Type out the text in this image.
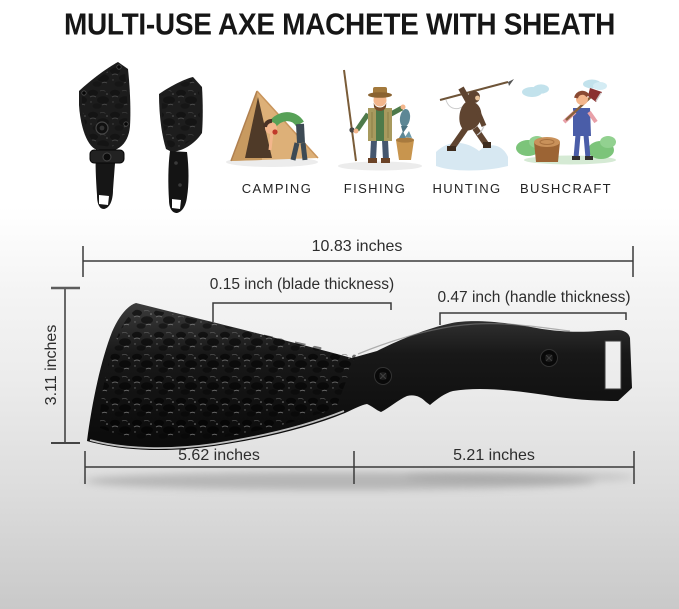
MULTI-USE AXE MACHETE WITH SHEATH
CAMPING	FISHING	HUNTING	BUSHCRAFT
10.83 inches
0.15 inch (blade thickness)
0.47 inch (handle thickness)
3.11 inches
5.62 inches	5.21 inches
